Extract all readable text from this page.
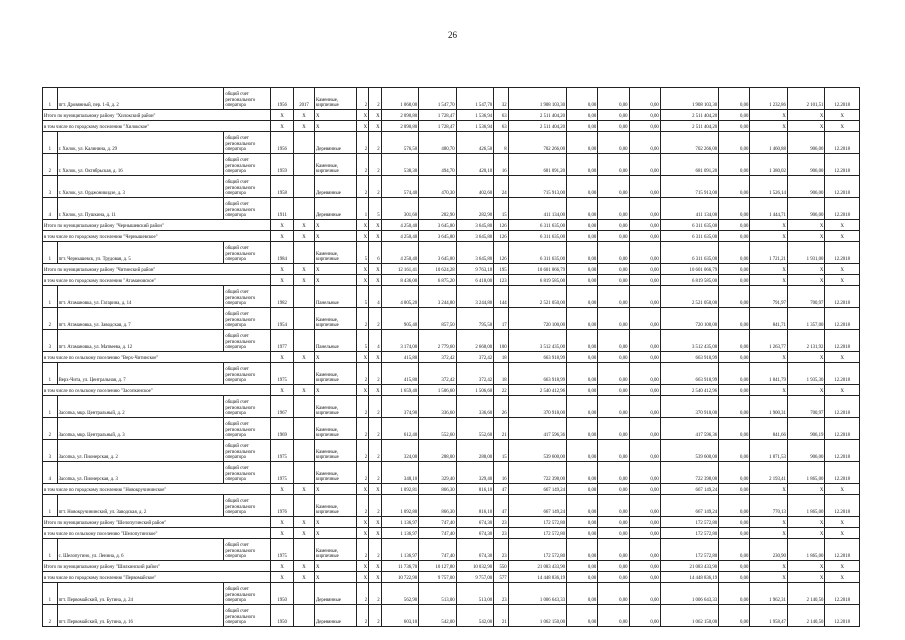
26
1	пгт. Дровянный, пер. 1-й, д. 2	общий счет регионального оператора	1956	2017	Каменные, кирпичные	2	2	1 068,00	1 547,70	1 547,70	32	1 908 103,30	0,00	0,00	0,00	1 908 103,30	0,00	1 232,86	2 101,51	12.2018
Итого по муниципальному району "Хилокский район"			X	X	X	X	X	2 090,80	1 728,47	1 536,94	63	2 511 404,20	0,00	0,00	0,00	2 511 404,20	0,00	X	X	X
в том числе по городскому поселению "Хилокское"			X	X	X	X	X	2 090,80	1 728,47	1 536,94	63	2 511 404,20	0,00	0,00	0,00	2 511 404,20	0,00	X	X	X
1	г. Хилок, ул. Калинина, д. 29	общий счет регионального оператора	1956		Деревянные	2	2	576,50	480,70	426,50	8	702 266,00	0,00	0,00	0,00	702 266,00	0,00	1 460,88	906,00	12.2018
2	г. Хилок, ул. Октябрьская, д. 16	общий счет регионального оператора	1959		Каменные, кирпичные	2	2	538,30	494,70	420,10	16	681 091,20	0,00	0,00	0,00	681 091,20	0,00	1 380,02	906,00	12.2018
3	г. Хилок, ул. Орджоникидзе, д. 3	общий счет регионального оператора	1958		Деревянные	2	2	574,40	470,30	402,60	24	715 913,00	0,00	0,00	0,00	715 913,00	0,00	1 526,14	906,00	12.2018
4	г. Хилок, ул. Пушкина, д. 11	общий счет регионального оператора	1911		Деревянные	1	5	301,60	282,90	282,90	15	411 134,00	0,00	0,00	0,00	411 134,00	0,00	1 444,71	906,00	12.2018
Итого по муниципальному району "Чернышевский район"			X	X	X	X	X	4 250,40	3 645,80	3 645,80	126	6 311 635,00	0,00	0,00	0,00	6 311 635,00	0,00	X	X	X
в том числе по городскому поселению "Чернышевское"			X	X	X	X	X	4 250,40	3 645,80	3 645,80	126	6 311 635,00	0,00	0,00	0,00	6 311 635,00	0,00	X	X	X
1	пгт. Чернышевск, ул. Трудовая, д. 5	общий счет регионального оператора	1984		Каменные, кирпичные	5	6	4 250,40	3 645,80	3 645,80	126	6 311 635,00	0,00	0,00	0,00	6 311 635,00	0,00	1 721,21	1 931,00	12.2018
Итого по муниципальному району "Читинский район"			X	X	X	X	X	12 161,41	10 624,28	9 763,18	195	10 601 066,79	0,00	0,00	0,00	10 601 066,79	0,00	X	X	X
в том числе по городскому поселению "Атамановское"			X	X	X	X	X	8 436,00	6 875,20	6 418,00	123	6 819 585,00	0,00	0,00	0,00	6 819 585,00	0,00	X	X	X
1	пгт. Атамановка, ул. Гагарина, д. 14	общий счет регионального оператора	1982		Панельные	5	4	4 005,20	3 244,80	3 244,80	144	2 521 050,00	0,00	0,00	0,00	2 521 050,00	0,00	791,97	700,97	12.2018
2	пгт. Атамановка, ул. Заводская, д. 7	общий счет регионального оператора	1954		Каменные, кирпичные	2	2	905,40	857,50	795,50	17	720 100,00	0,00	0,00	0,00	720 100,00	0,00	841,71	1 357,00	12.2018
3	пгт. Атамановка, ул. Матвеева, д. 12	общий счет регионального оператора	1977		Панельные	5	4	3 174,00	2 779,60	2 668,00	100	3 512 435,00	0,00	0,00	0,00	3 512 435,00	0,00	1 263,77	2 131,92	12.2018
в том числе по сельскому поселению "Верх-Читинское"			X	X	X	X	X	415,80	372,42	372,42	18	663 918,99	0,00	0,00	0,00	663 918,99	0,00	X	X	X
1	Верх-Чита, ул. Центральная, д. 7	общий счет регионального оператора	1975		Каменные, кирпичные	2	2	415,80	372,42	372,42	18	663 918,99	0,00	0,00	0,00	663 918,99	0,00	1 841,79	1 935,30	12.2018
в том числе по сельскому поселению "Засопкинское"			X	X	X	X	X	1 659,40	1 506,60	1 506,60	22	2 540 412,96	0,00	0,00	0,00	2 540 412,96	0,00	X	X	X
1	Засопка, мкр. Центральный, д. 2	общий счет регионального оператора	1967		Каменные, кирпичные	2	2	374,90	336,60	336,60	26	370 918,00	0,00	0,00	0,00	370 918,00	0,00	1 900,31	700,97	12.2018
2	Засопка, мкр. Центральный, д. 3	общий счет регионального оператора	1969		Каменные, кирпичные	2	2	612,40	552,60	552,60	21	417 596,36	0,00	0,00	0,00	417 596,36	0,00	841,66	906,19	12.2018
3	Засопка, ул. Пионерская, д. 2	общий счет регионального оператора	1975		Каменные, кирпичные	2	2	324,00	288,00	288,00	15	539 600,00	0,00	0,00	0,00	539 600,00	0,00	1 871,53	906,00	12.2018
4	Засопка, ул. Пионерская, д. 3	общий счет регионального оператора	1975		Каменные, кирпичные	2	2	348,10	329,40	329,40	16	722 398,00	0,00	0,00	0,00	722 398,00	0,00	2 193,41	1 865,00	12.2018
в том числе по городскому поселению "Новокручининское"			X	X	X	X	X	1 092,81	866,30	816,10	47	667 149,24	0,00	0,00	0,00	667 149,24	0,00	X	X	X
1	пгт. Новокручининский, ул. Заводская, д. 2	общий счет регионального оператора	1976		Каменные, кирпичные	2	2	1 092,80	866,30	816,10	47	667 149,24	0,00	0,00	0,00	667 149,24	0,00	770,13	1 865,00	12.2018
Итого по муниципальному району "Шелопугинский район"			X	X	X	X	X	1 136,97	747,40	674,30	23	172 572,80	0,00	0,00	0,00	172 572,80	0,00	X	X	X
в том числе по сельскому поселению "Шелопугинское"			X	X	X	X	X	1 136,97	747,40	674,30	23	172 572,80	0,00	0,00	0,00	172 572,80	0,00	X	X	X
1	с. Шелопугино, ул. Ленина, д. 6	общий счет регионального оператора	1975		Каменные, кирпичные	2	2	1 136,97	747,40	674,30	23	172 572,80	0,00	0,00	0,00	172 572,80	0,00	230,90	1 865,00	12.2018
Итого по муниципальному району "Шилкинский район"			X	X	X	X	X	11 736,70	10 127,80	10 032,90	550	21 083 433,90	0,00	0,00	0,00	21 083 433,90	0,00	X	X	X
в том числе по городскому поселению "Первомайское"			X	X	X	X	X	10 722,90	9 757,00	9 757,00	577	14 448 836,19	0,00	0,00	0,00	14 448 836,19	0,00	X	X	X
1	пгт. Первомайский, ул. Бутина, д. 24	общий счет регионального оператора	1950		Деревянные	2	2	562,90	513,00	513,00	23	1 006 643,33	0,00	0,00	0,00	1 006 643,33	0,00	1 962,31	2 140,50	12.2018
2	пгт. Первомайский, ул. Бутина, д. 16	общий счет регионального оператора	1950		Деревянные	2	2	603,10	542,00	542,00	21	1 062 150,00	0,00	0,00	0,00	1 062 150,00	0,00	1 958,47	2 140,50	12.2018
